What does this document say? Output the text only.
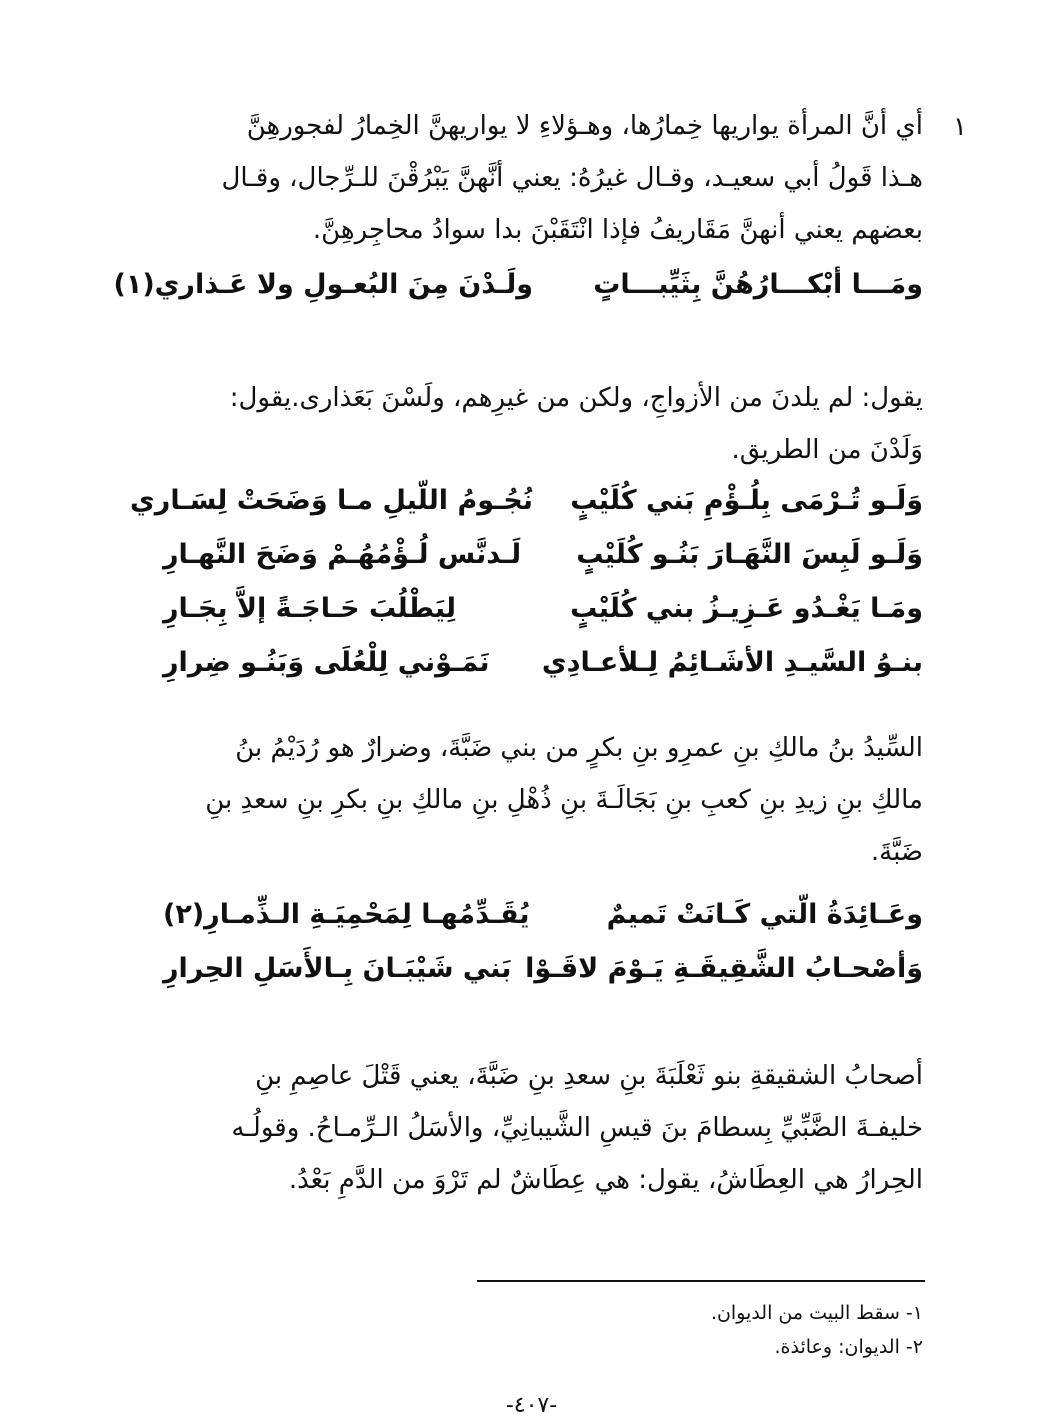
١
أي أنَّ المرأة يواريها خِمارُها، وهـؤلاءِ لا يواريهنَّ الخِمارُ لفجورهِنَّ
هـذا قَولُ أبي سعيـد، وقـال غيرُهُ: يعني أنَّهنَّ يَبْرُقْنَ للـرِّجال، وقـال
بعضهم يعني أنهنَّ مَقَاريفُ فإذا انْتَقَبْنَ بدا سوادُ محاجِرهِنَّ.
ومَـــا أبْكـــارُهُنَّ بِثَيِّبـــاتٍ
ولَـدْنَ مِنَ البُعـولِ ولا عَـذاري(١)
يقول: لم يلدنَ من الأزواجِ، ولكن من غيرِهم، ولَسْنَ بَعَذارى.يقول:
وَلَدْنَ من الطريق.
وَلَـو تُـرْمَى بِلُـؤْمِ بَني كُلَيْبٍ
نُجُـومُ اللّيلِ مـا وَضَحَتْ لِسَـاري
وَلَـو لَبِسَ النَّهَـارَ بَنُـو كُلَيْبٍ
لَـدنَّس لُـؤْمُهُـمْ وَضَحَ النَّهـارِ
ومَـا يَغْـدُو عَـزِيـزُ بني كُلَيْبٍ
لِيَطْلُبَ حَـاجَـةً إلاَّ بِجَـارِ
بنـوُ السَّيـدِ الأشَـائِمُ لِـلأعـادِي
نَمَـوْني لِلْعُلَى وَبَنُـو ضِرارِ
السِّيدُ بنُ مالكِ بنِ عمرِو بنِ بكرٍ من بني ضَبَّةَ، وضرارٌ هو رُدَيْمُ بنُ
مالكِ بنِ زيدِ بنِ كعبِ بنِ بَجَالَـةَ بنِ ذُهْلِ بنِ مالكِ بنِ بكرِ بنِ سعدِ بنِ
ضَبَّةَ.
وعَـائِدَةُ الّتي كَـانَتْ تَميمٌ
يُقَـدِّمُهـا لِمَحْمِيَـةِ الـذِّمـارِ(٢)
وَأصْحـابُ الشَّقِيقَـةِ يَـوْمَ لاقَـوْا
بَني شَيْبَـانَ بِـالأَسَلِ الحِرارِ
أصحابُ الشقيقةِ بنو ثَعْلَبَةَ بنِ سعدِ بنِ ضَبَّةَ، يعني قَتْلَ عاصِمِ بنِ
خليفـةَ الضَّبِّيِّ بِسطامَ بنَ قيسِ الشَّيبانِيِّ، والأسَلُ الـرِّمـاحُ. وقولُـه
الحِرارُ هي العِطَاشُ، يقول: هي عِطَاشٌ لم تَرْوَ من الدَّمِ بَعْدُ.
١- سقط البيت من الديوان.
٢- الديوان: وعائذة.
-٤٠٧-
